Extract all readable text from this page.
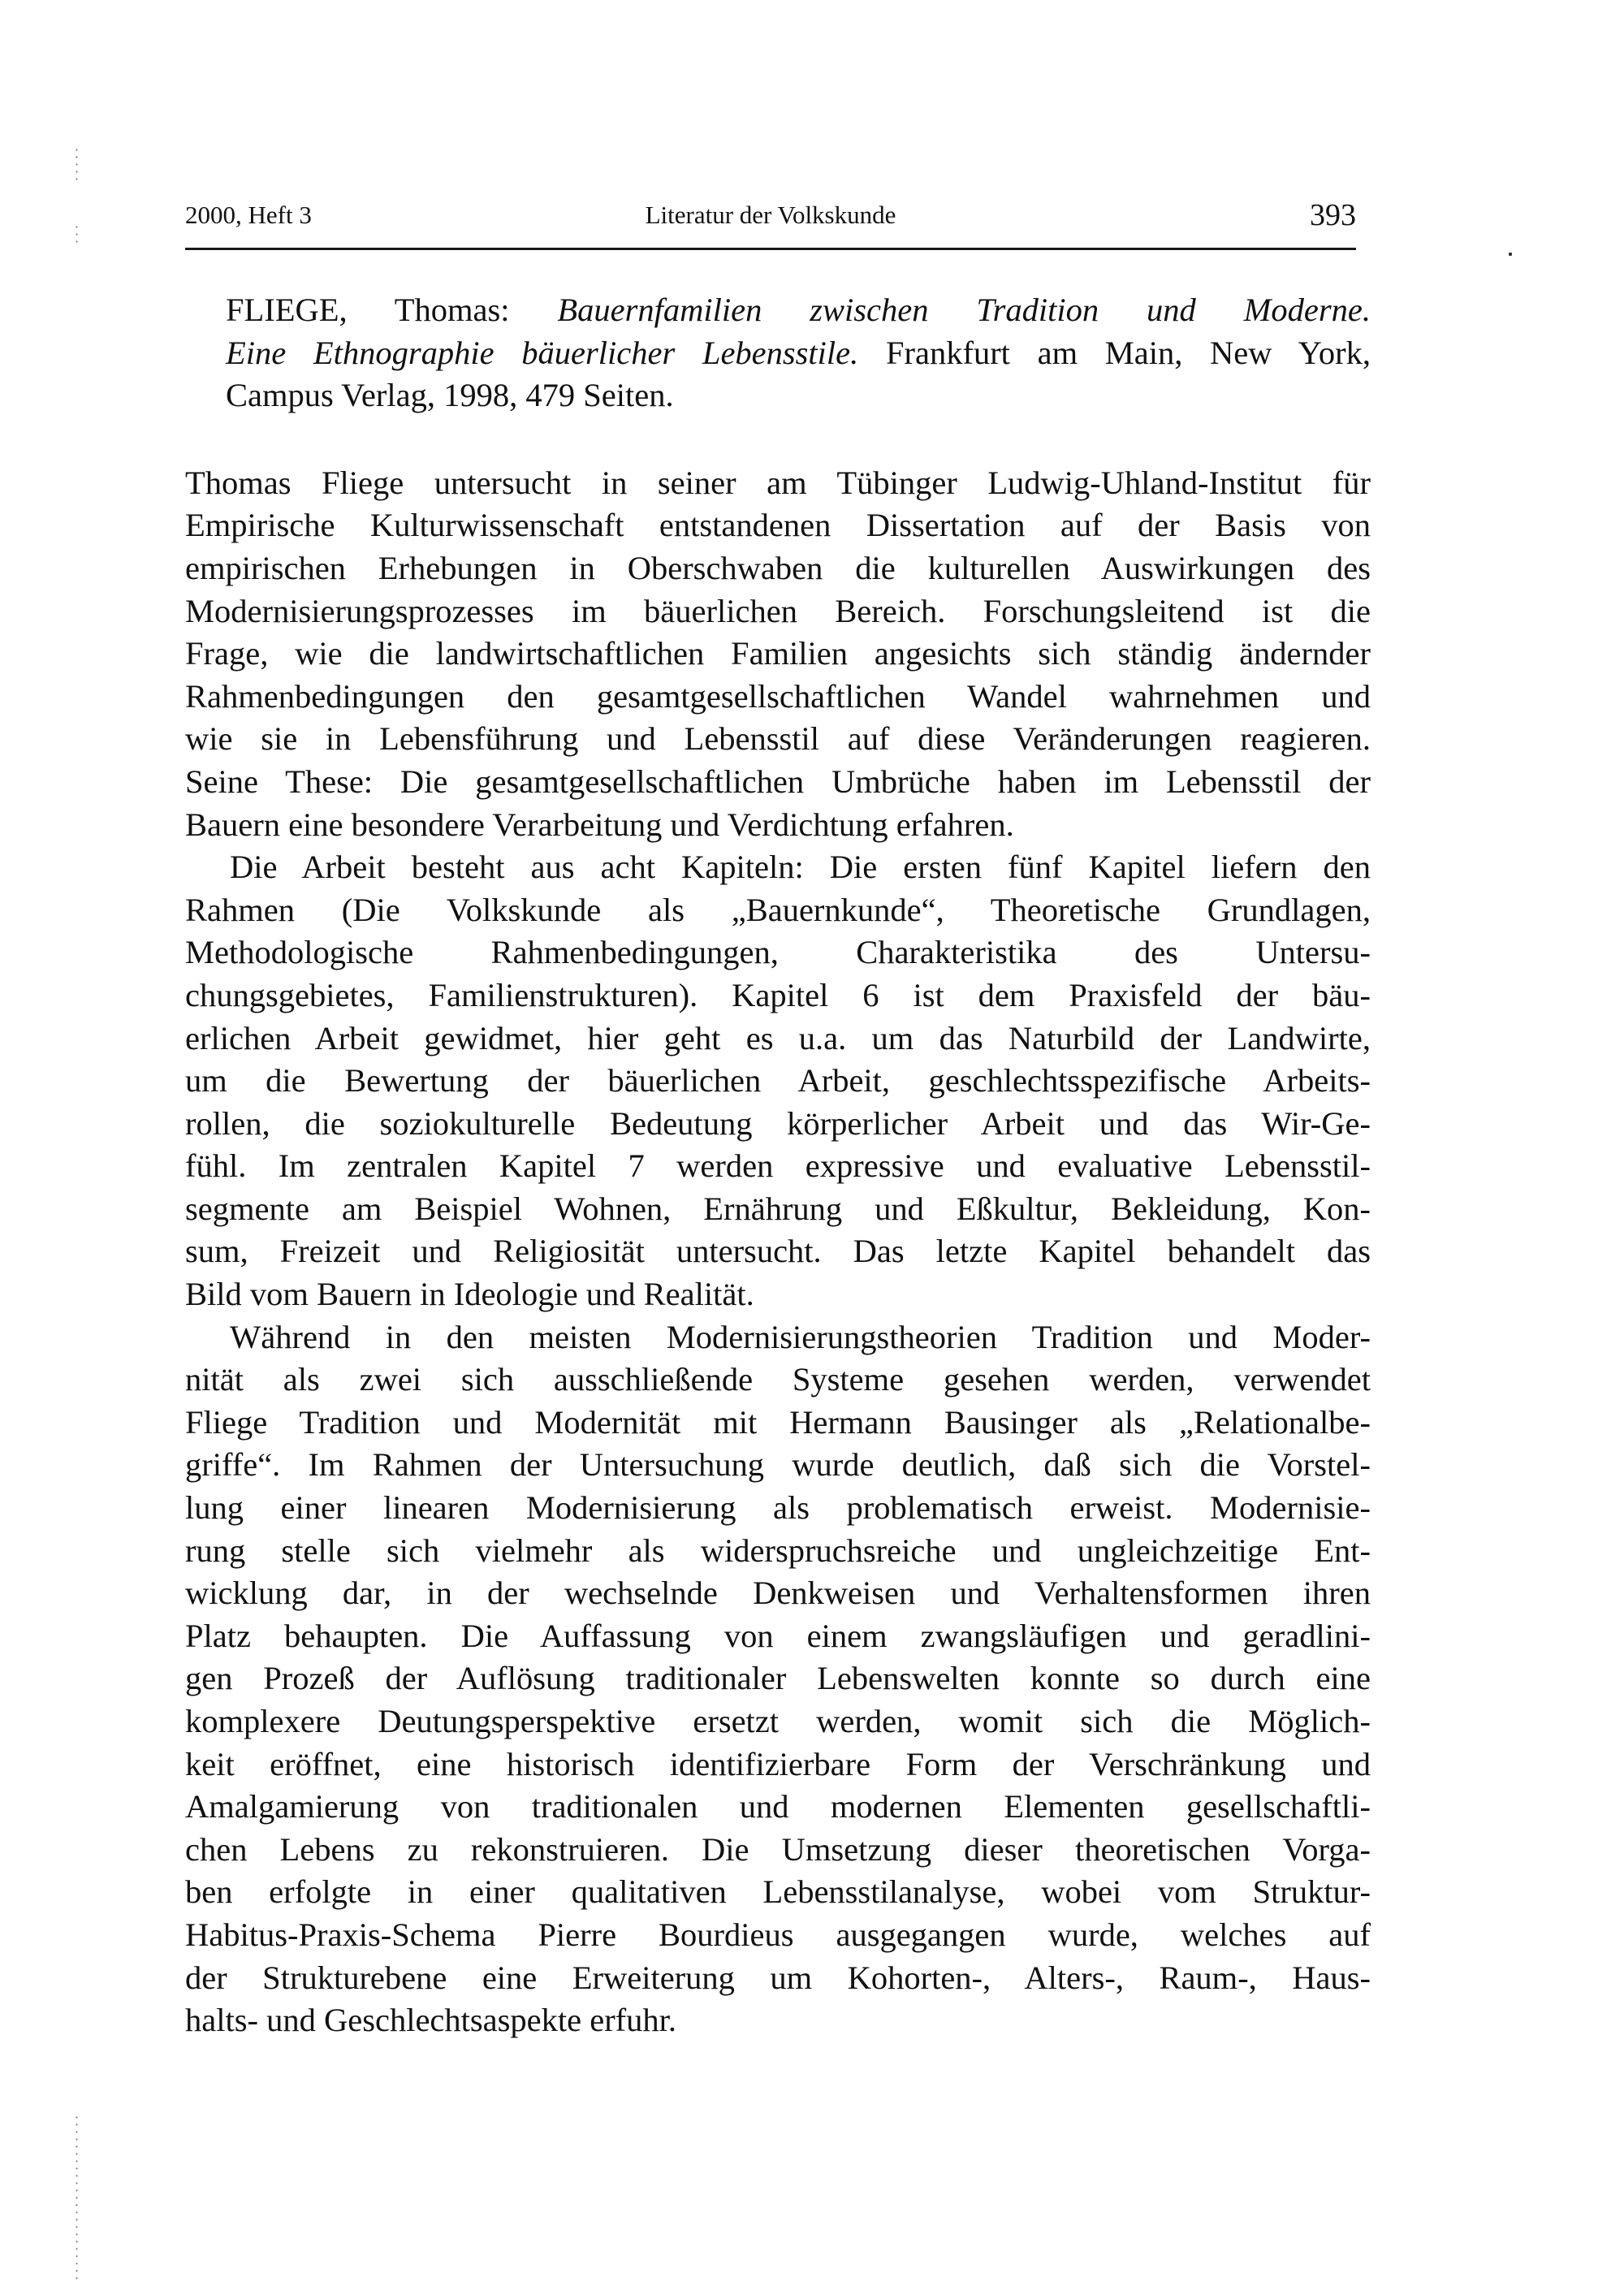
2000, Heft 3	Literatur der Volkskunde	393
FLIEGE, Thomas: Bauernfamilien zwischen Tradition und Moderne.
Eine Ethnographie bäuerlicher Lebensstile. Frankfurt am Main, New York,
Campus Verlag, 1998, 479 Seiten.
Thomas Fliege untersucht in seiner am Tübinger Ludwig-Uhland-Institut für
Empirische Kulturwissenschaft entstandenen Dissertation auf der Basis von
empirischen Erhebungen in Oberschwaben die kulturellen Auswirkungen des
Modernisierungsprozesses im bäuerlichen Bereich. Forschungsleitend ist die
Frage, wie die landwirtschaftlichen Familien angesichts sich ständig ändernder
Rahmenbedingungen den gesamtgesellschaftlichen Wandel wahrnehmen und
wie sie in Lebensführung und Lebensstil auf diese Veränderungen reagieren.
Seine These: Die gesamtgesellschaftlichen Umbrüche haben im Lebensstil der
Bauern eine besondere Verarbeitung und Verdichtung erfahren.
Die Arbeit besteht aus acht Kapiteln: Die ersten fünf Kapitel liefern den
Rahmen (Die Volkskunde als „Bauernkunde“, Theoretische Grundlagen,
Methodologische Rahmenbedingungen, Charakteristika des Untersu-
chungsgebietes, Familienstrukturen). Kapitel 6 ist dem Praxisfeld der bäu-
erlichen Arbeit gewidmet, hier geht es u.a. um das Naturbild der Landwirte,
um die Bewertung der bäuerlichen Arbeit, geschlechtsspezifische Arbeits-
rollen, die soziokulturelle Bedeutung körperlicher Arbeit und das Wir-Ge-
fühl. Im zentralen Kapitel 7 werden expressive und evaluative Lebensstil-
segmente am Beispiel Wohnen, Ernährung und Eßkultur, Bekleidung, Kon-
sum, Freizeit und Religiosität untersucht. Das letzte Kapitel behandelt das
Bild vom Bauern in Ideologie und Realität.
Während in den meisten Modernisierungstheorien Tradition und Moder-
nität als zwei sich ausschließende Systeme gesehen werden, verwendet
Fliege Tradition und Modernität mit Hermann Bausinger als „Relationalbe-
griffe“. Im Rahmen der Untersuchung wurde deutlich, daß sich die Vorstel-
lung einer linearen Modernisierung als problematisch erweist. Modernisie-
rung stelle sich vielmehr als widerspruchsreiche und ungleichzeitige Ent-
wicklung dar, in der wechselnde Denkweisen und Verhaltensformen ihren
Platz behaupten. Die Auffassung von einem zwangsläufigen und geradlini-
gen Prozeß der Auflösung traditionaler Lebenswelten konnte so durch eine
komplexere Deutungsperspektive ersetzt werden, womit sich die Möglich-
keit eröffnet, eine historisch identifizierbare Form der Verschränkung und
Amalgamierung von traditionalen und modernen Elementen gesellschaftli-
chen Lebens zu rekonstruieren. Die Umsetzung dieser theoretischen Vorga-
ben erfolgte in einer qualitativen Lebensstilanalyse, wobei vom Struktur-
Habitus-Praxis-Schema Pierre Bourdieus ausgegangen wurde, welches auf
der Strukturebene eine Erweiterung um Kohorten-, Alters-, Raum-, Haus-
halts- und Geschlechtsaspekte erfuhr.
